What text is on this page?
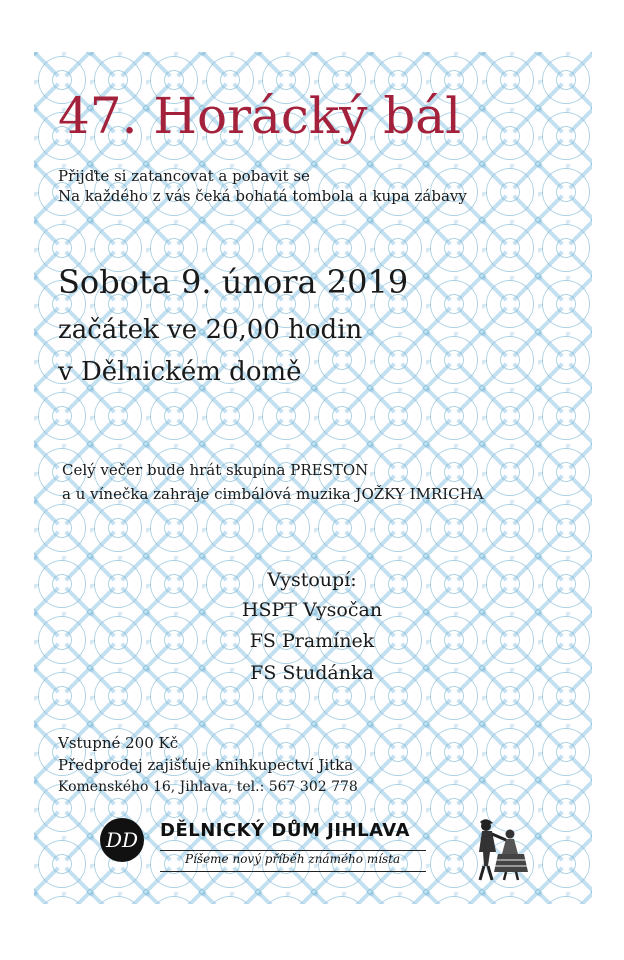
47. Horácký bál
Přijďte si zatancovat a pobavit se
Na každého z vás čeká bohatá tombola a kupa zábavy
Sobota 9. února 2019
začátek ve 20,00 hodin
v Dělnickém domě
Celý večer bude hrát skupina PRESTON
a u vínečka zahraje cimbálová muzika JOŽKY IMRICHA
Vystoupí:
HSPT Vysočan
FS Pramínek
FS Studánka
Vstupné 200 Kč
Předprodej zajišťuje knihkupectví Jitka
Komenského 16, Jihlava, tel.: 567 302 778
DD DĚLNICKÝ DŮM JIHLAVA
Píšeme nový příběh známého místa
